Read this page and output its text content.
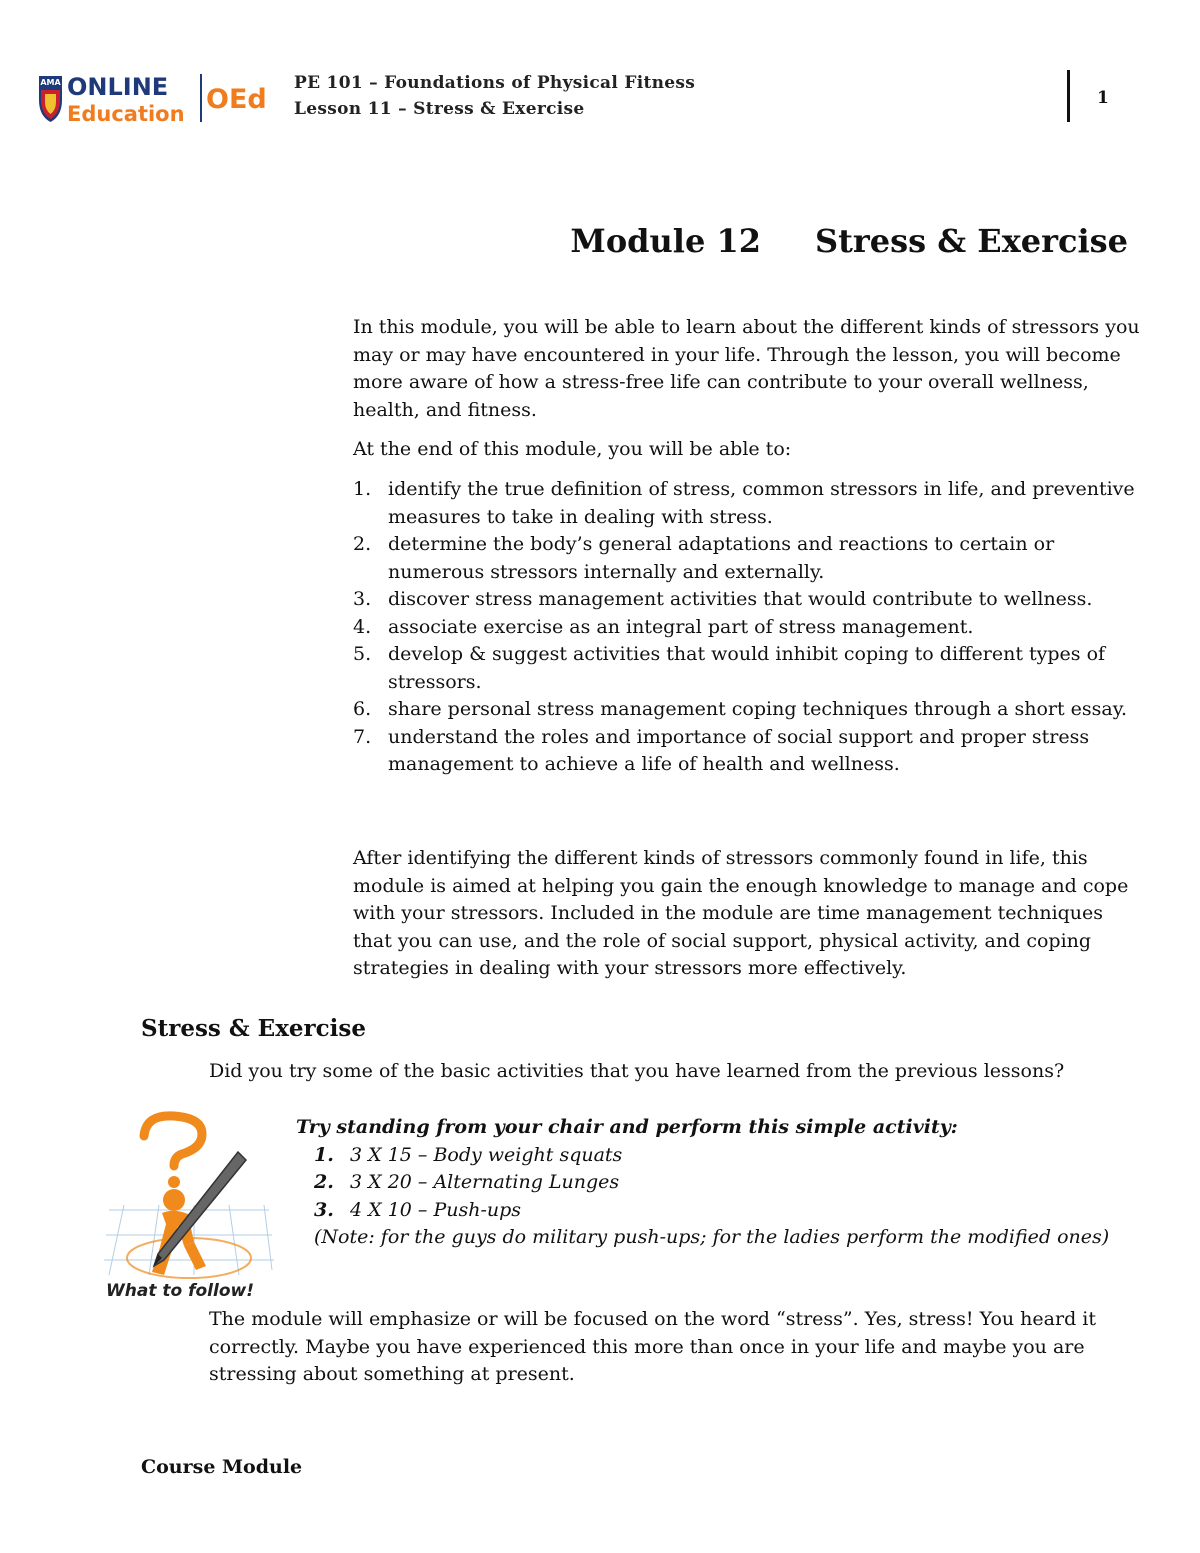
AMA ONLINE
Education OEd
PE 101 – Foundations of Physical Fitness
Lesson 11 – Stress & Exercise
1
Module 12 Stress & Exercise
In this module, you will be able to learn about the different kinds of stressors you may or may have encountered in your life. Through the lesson, you will become more aware of how a stress-free life can contribute to your overall wellness, health, and fitness.
At the end of this module, you will be able to:
1. identify the true definition of stress, common stressors in life, and preventive measures to take in dealing with stress.
2. determine the body’s general adaptations and reactions to certain or numerous stressors internally and externally.
3. discover stress management activities that would contribute to wellness.
4. associate exercise as an integral part of stress management.
5. develop & suggest activities that would inhibit coping to different types of stressors.
6. share personal stress management coping techniques through a short essay.
7. understand the roles and importance of social support and proper stress management to achieve a life of health and wellness.
After identifying the different kinds of stressors commonly found in life, this module is aimed at helping you gain the enough knowledge to manage and cope with your stressors. Included in the module are time management techniques that you can use, and the role of social support, physical activity, and coping strategies in dealing with your stressors more effectively.
Stress & Exercise
Did you try some of the basic activities that you have learned from the previous lessons?
What to follow!
Try standing from your chair and perform this simple activity:
1. 3 X 15 – Body weight squats
2. 3 X 20 – Alternating Lunges
3. 4 X 10 – Push-ups
(Note: for the guys do military push-ups; for the ladies perform the modified ones)
The module will emphasize or will be focused on the word “stress”. Yes, stress! You heard it correctly. Maybe you have experienced this more than once in your life and maybe you are stressing about something at present.
Course Module
